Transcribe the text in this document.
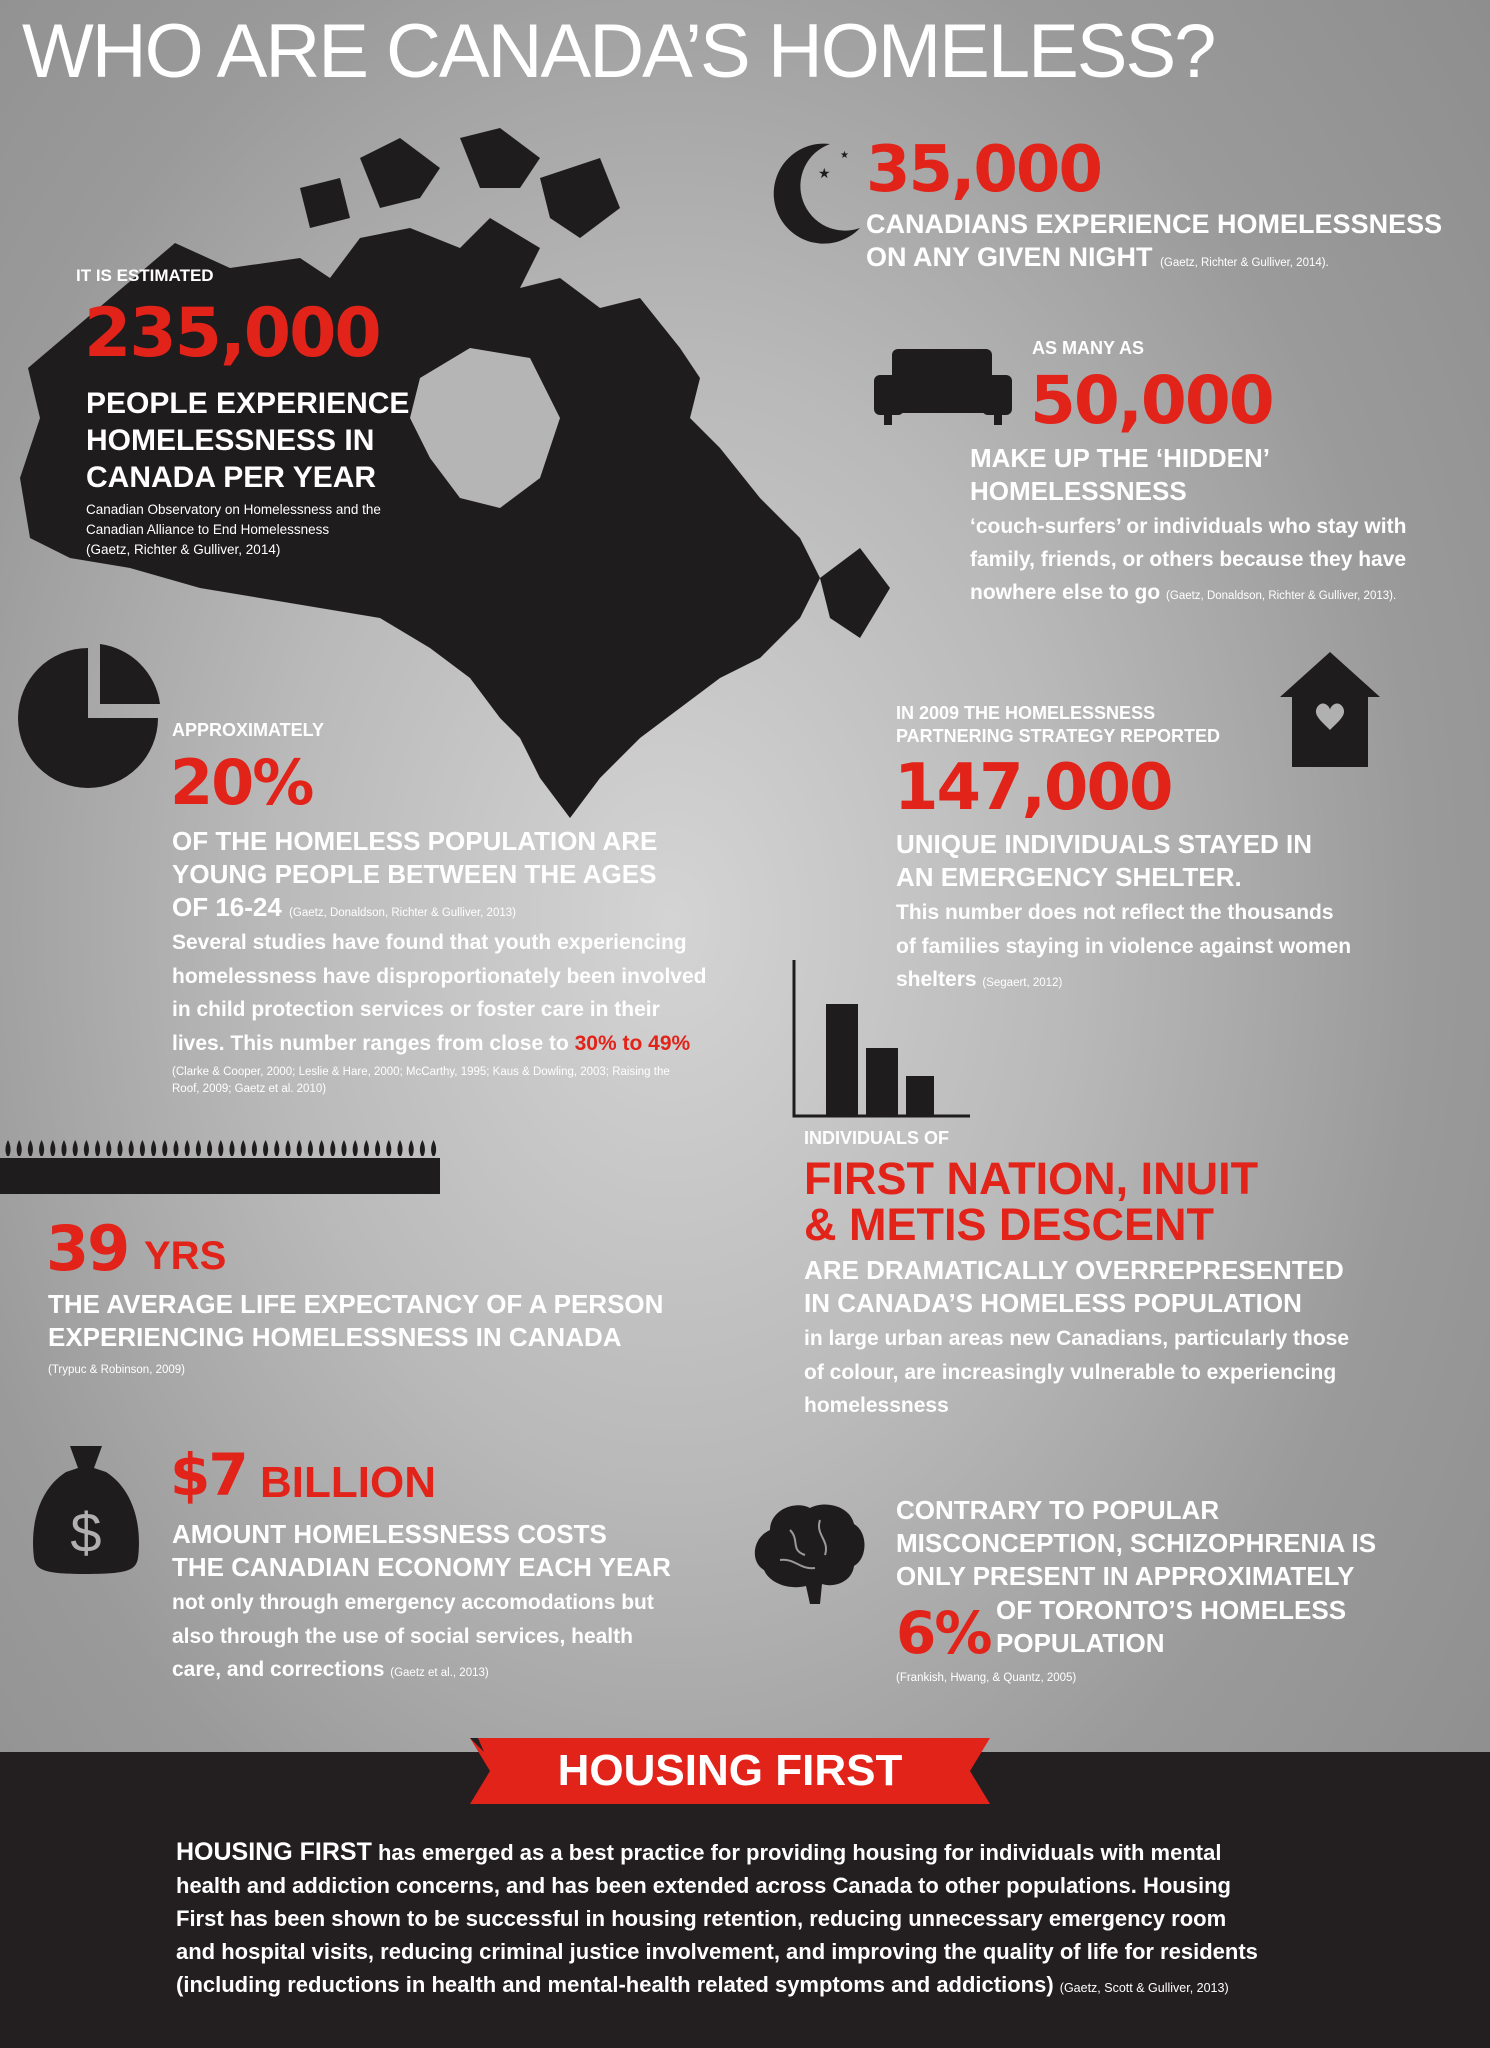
WHO ARE CANADA’S HOMELESS?
IT IS ESTIMATED
235,000
PEOPLE EXPERIENCE
HOMELESSNESS IN
CANADA PER YEAR
Canadian Observatory on Homelessness and the
Canadian Alliance to End Homelessness
(Gaetz, Richter & Gulliver, 2014)
★
★ 35,000
CANADIANS EXPERIENCE HOMELESSNESS
ON ANY GIVEN NIGHT (Gaetz, Richter & Gulliver, 2014).
AS MANY AS
50,000
MAKE UP THE ‘HIDDEN’
HOMELESSNESS
‘couch-surfers’ or individuals who stay with
family, friends, or others because they have
nowhere else to go (Gaetz, Donaldson, Richter & Gulliver, 2013).
APPROXIMATELY
20%
OF THE HOMELESS POPULATION ARE
YOUNG PEOPLE BETWEEN THE AGES
OF 16-24 (Gaetz, Donaldson, Richter & Gulliver, 2013)
Several studies have found that youth experiencing
homelessness have disproportionately been involved
in child protection services or foster care in their
lives. This number ranges from close to 30% to 49%
(Clarke & Cooper, 2000; Leslie & Hare, 2000; McCarthy, 1995; Kaus & Dowling, 2003; Raising the
Roof, 2009; Gaetz et al. 2010)
IN 2009 THE HOMELESSNESS
PARTNERING STRATEGY REPORTED
147,000
UNIQUE INDIVIDUALS STAYED IN
AN EMERGENCY SHELTER.
This number does not reflect the thousands
of families staying in violence against women
shelters (Segaert, 2012)
39 YRS
THE AVERAGE LIFE EXPECTANCY OF A PERSON
EXPERIENCING HOMELESSNESS IN CANADA
(Trypuc & Robinson, 2009)
INDIVIDUALS OF
FIRST NATION, INUIT
& METIS DESCENT
ARE DRAMATICALLY OVERREPRESENTED
IN CANADA’S HOMELESS POPULATION
in large urban areas new Canadians, particularly those
of colour, are increasingly vulnerable to experiencing
homelessness
$
$7 BILLION
AMOUNT HOMELESSNESS COSTS
THE CANADIAN ECONOMY EACH YEAR
not only through emergency accomodations but
also through the use of social services, health
care, and corrections (Gaetz et al., 2013)
CONTRARY TO POPULAR
MISCONCEPTION, SCHIZOPHRENIA IS
ONLY PRESENT IN APPROXIMATELY
6% OF TORONTO’S HOMELESS
POPULATION
(Frankish, Hwang, & Quantz, 2005)
HOUSING FIRST
HOUSING FIRST has emerged as a best practice for providing housing for individuals with mental
health and addiction concerns, and has been extended across Canada to other populations. Housing
First has been shown to be successful in housing retention, reducing unnecessary emergency room
and hospital visits, reducing criminal justice involvement, and improving the quality of life for residents
(including reductions in health and mental-health related symptoms and addictions) (Gaetz, Scott & Gulliver, 2013)
